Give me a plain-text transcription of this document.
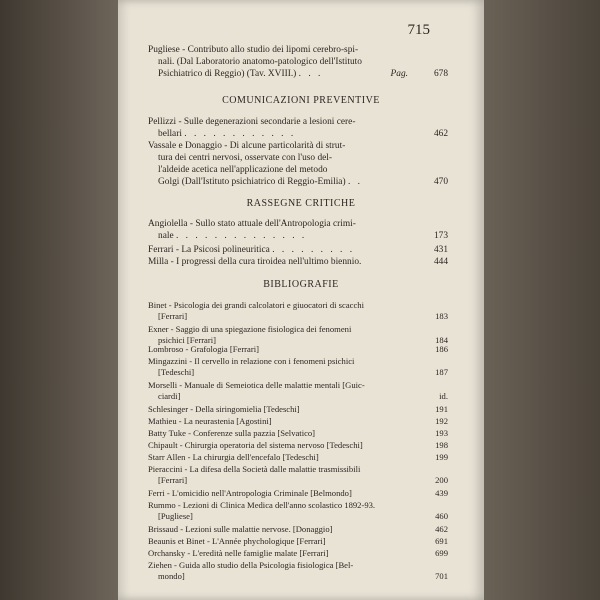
715
Pugliese - Contributo allo studio dei lipomi cerebro-spi-
nali. (Dal Laboratorio anatomo-patologico dell'Istituto
Psichiatrico di Reggio) (Tav. XVIII.) . . .	Pag.	678
COMUNICAZIONI PREVENTIVE
Pellizzi - Sulle degenerazioni secondarie a lesioni cere-
bellari . . . . . . . . . . . .	462
Vassale e Donaggio - Di alcune particolarità di strut-
tura dei centri nervosi, osservate con l'uso del-
l'aldeide acetica nell'applicazione del metodo
Golgi (Dall'Istituto psichiatrico di Reggio-Emilia) . .	470
RASSEGNE CRITICHE
Angiolella - Sullo stato attuale dell'Antropologia crimi-
nale . . . . . . . . . . . . . .	173
Ferrari - La Psicosi polineuritica . . . . . . . . .	431
Milla - I progressi della cura tiroidea nell'ultimo biennio.	444
BIBLIOGRAFIE
Binet - Psicologia dei grandi calcolatori e giuocatori di scacchi
[Ferrari]	183
Exner - Saggio di una spiegazione fisiologica dei fenomeni
psichici [Ferrari]	184
Lombroso - Grafologia [Ferrari]	186
Mingazzini - Il cervello in relazione con i fenomeni psichici
[Tedeschi]	187
Morselli - Manuale di Semeiotica delle malattie mentali [Guic-
ciardi]	id.
Schlesinger - Della siringomielia [Tedeschi]	191
Mathieu - La neurastenia [Agostini]	192
Batty Tuke - Conferenze sulla pazzia [Selvatico]	193
Chipault - Chirurgia operatoria del sistema nervoso [Tedeschi]	198
Starr Allen - La chirurgia dell'encefalo [Tedeschi]	199
Pieraccini - La difesa della Società dalle malattie trasmissibili
[Ferrari]	200
Ferri - L'omicidio nell'Antropologia Criminale [Belmondo]	439
Rummo - Lezioni di Clinica Medica dell'anno scolastico 1892-93.
[Pugliese]	460
Brissaud - Lezioni sulle malattie nervose. [Donaggio]	462
Beaunis et Binet - L'Année phychologique [Ferrari]	691
Orchansky - L'eredità nelle famiglie malate [Ferrari]	699
Ziehen - Guida allo studio della Psicologia fisiologica [Bel-
mondo]	701
